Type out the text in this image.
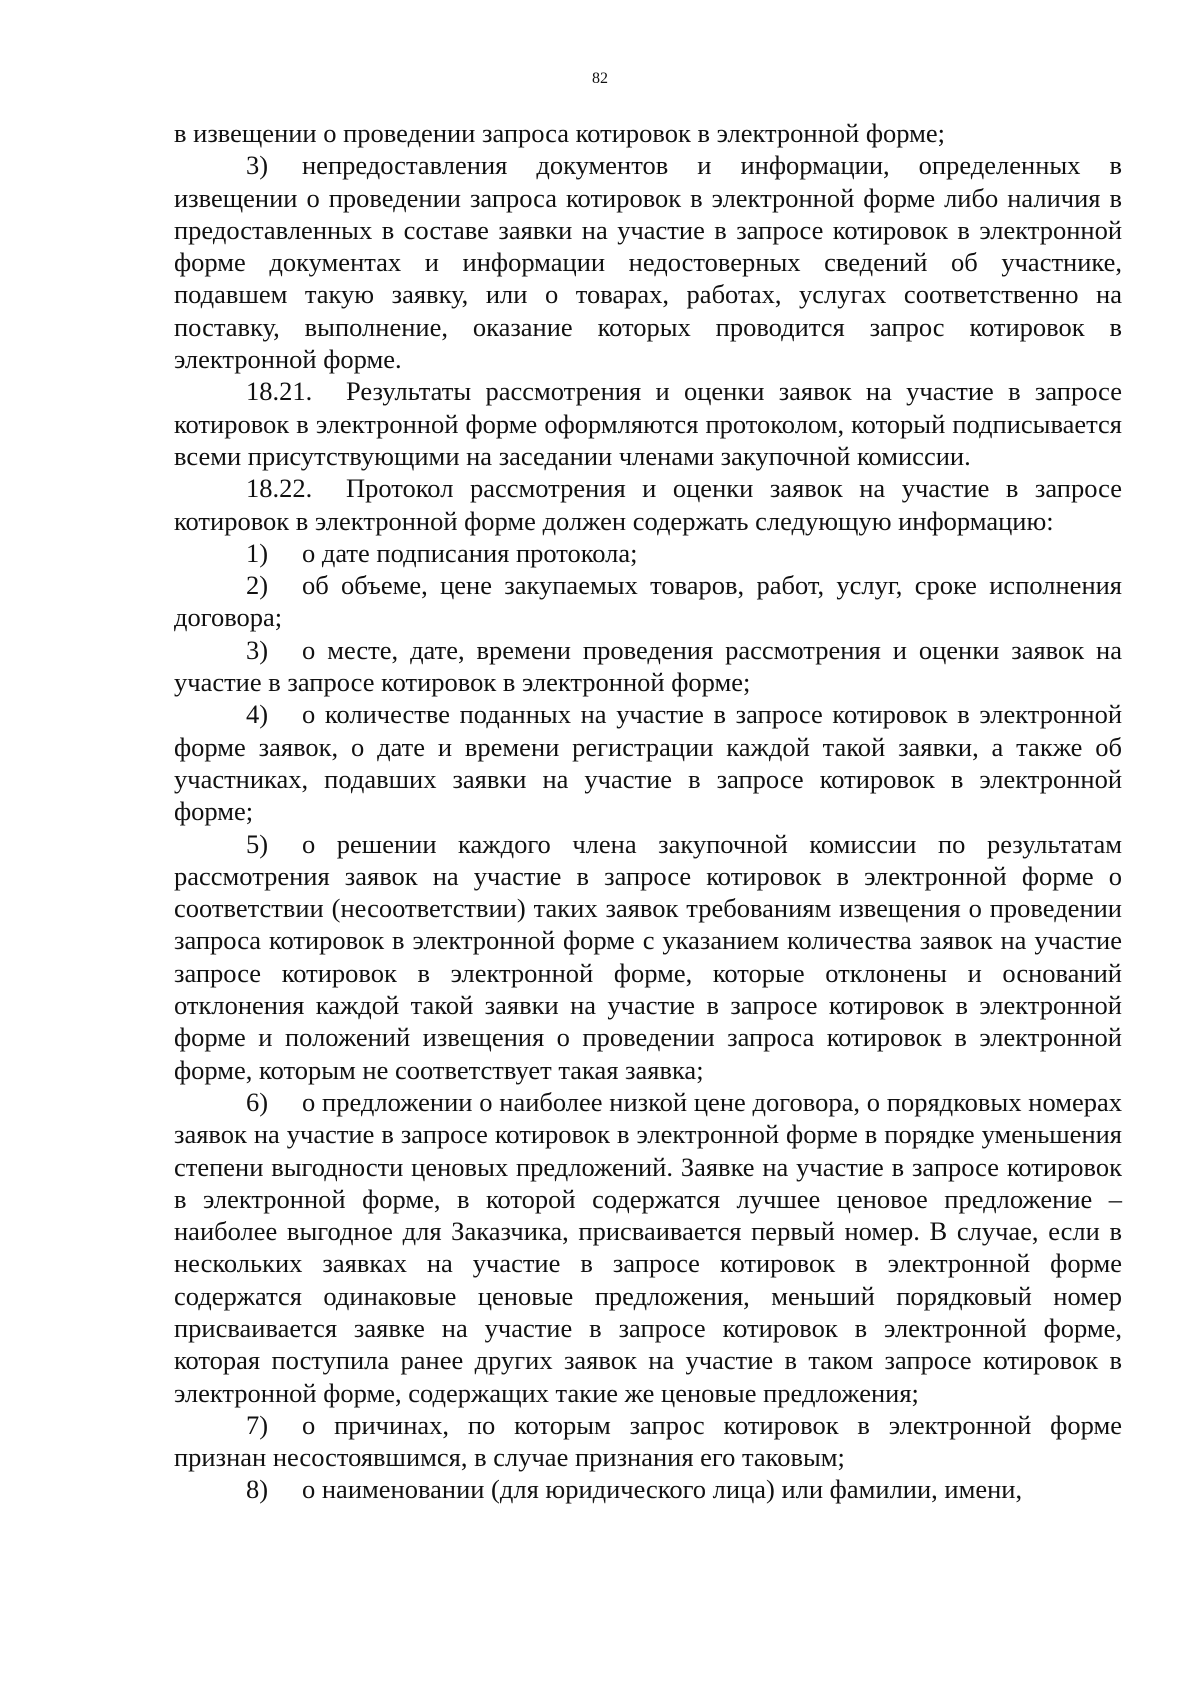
82

в извещении о проведении запроса котировок в электронной форме;

3) непредоставления документов и информации, определенных в извещении о проведении запроса котировок в электронной форме либо наличия в предоставленных в составе заявки на участие в запросе котировок в электронной форме документах и информации недостоверных сведений об участнике, подавшем такую заявку, или о товарах, работах, услугах соответственно на поставку, выполнение, оказание которых проводится запрос котировок в электронной форме.

18.21. Результаты рассмотрения и оценки заявок на участие в запросе котировок в электронной форме оформляются протоколом, который подписывается всеми присутствующими на заседании членами закупочной комиссии.

18.22. Протокол рассмотрения и оценки заявок на участие в запросе котировок в электронной форме должен содержать следующую информацию:

1) о дате подписания протокола;

2) об объеме, цене закупаемых товаров, работ, услуг, сроке исполнения договора;

3) о месте, дате, времени проведения рассмотрения и оценки заявок на участие в запросе котировок в электронной форме;

4) о количестве поданных на участие в запросе котировок в электронной форме заявок, о дате и времени регистрации каждой такой заявки, а также об участниках, подавших заявки на участие в запросе котировок в электронной форме;

5) о решении каждого члена закупочной комиссии по результатам рассмотрения заявок на участие в запросе котировок в электронной форме о соответствии (несоответствии) таких заявок требованиям извещения о проведении запроса котировок в электронной форме с указанием количества заявок на участие запросе котировок в электронной форме, которые отклонены и оснований отклонения каждой такой заявки на участие в запросе котировок в электронной форме и положений извещения о проведении запроса котировок в электронной форме, которым не соответствует такая заявка;

6) о предложении о наиболее низкой цене договора, о порядковых номерах заявок на участие в запросе котировок в электронной форме в порядке уменьшения степени выгодности ценовых предложений. Заявке на участие в запросе котировок в электронной форме, в которой содержатся лучшее ценовое предложение – наиболее выгодное для Заказчика, присваивается первый номер. В случае, если в нескольких заявках на участие в запросе котировок в электронной форме содержатся одинаковые ценовые предложения, меньший порядковый номер присваивается заявке на участие в запросе котировок в электронной форме, которая поступила ранее других заявок на участие в таком запросе котировок в электронной форме, содержащих такие же ценовые предложения;

7) о причинах, по которым запрос котировок в электронной форме признан несостоявшимся, в случае признания его таковым;

8) о наименовании (для юридического лица) или фамилии, имени,
